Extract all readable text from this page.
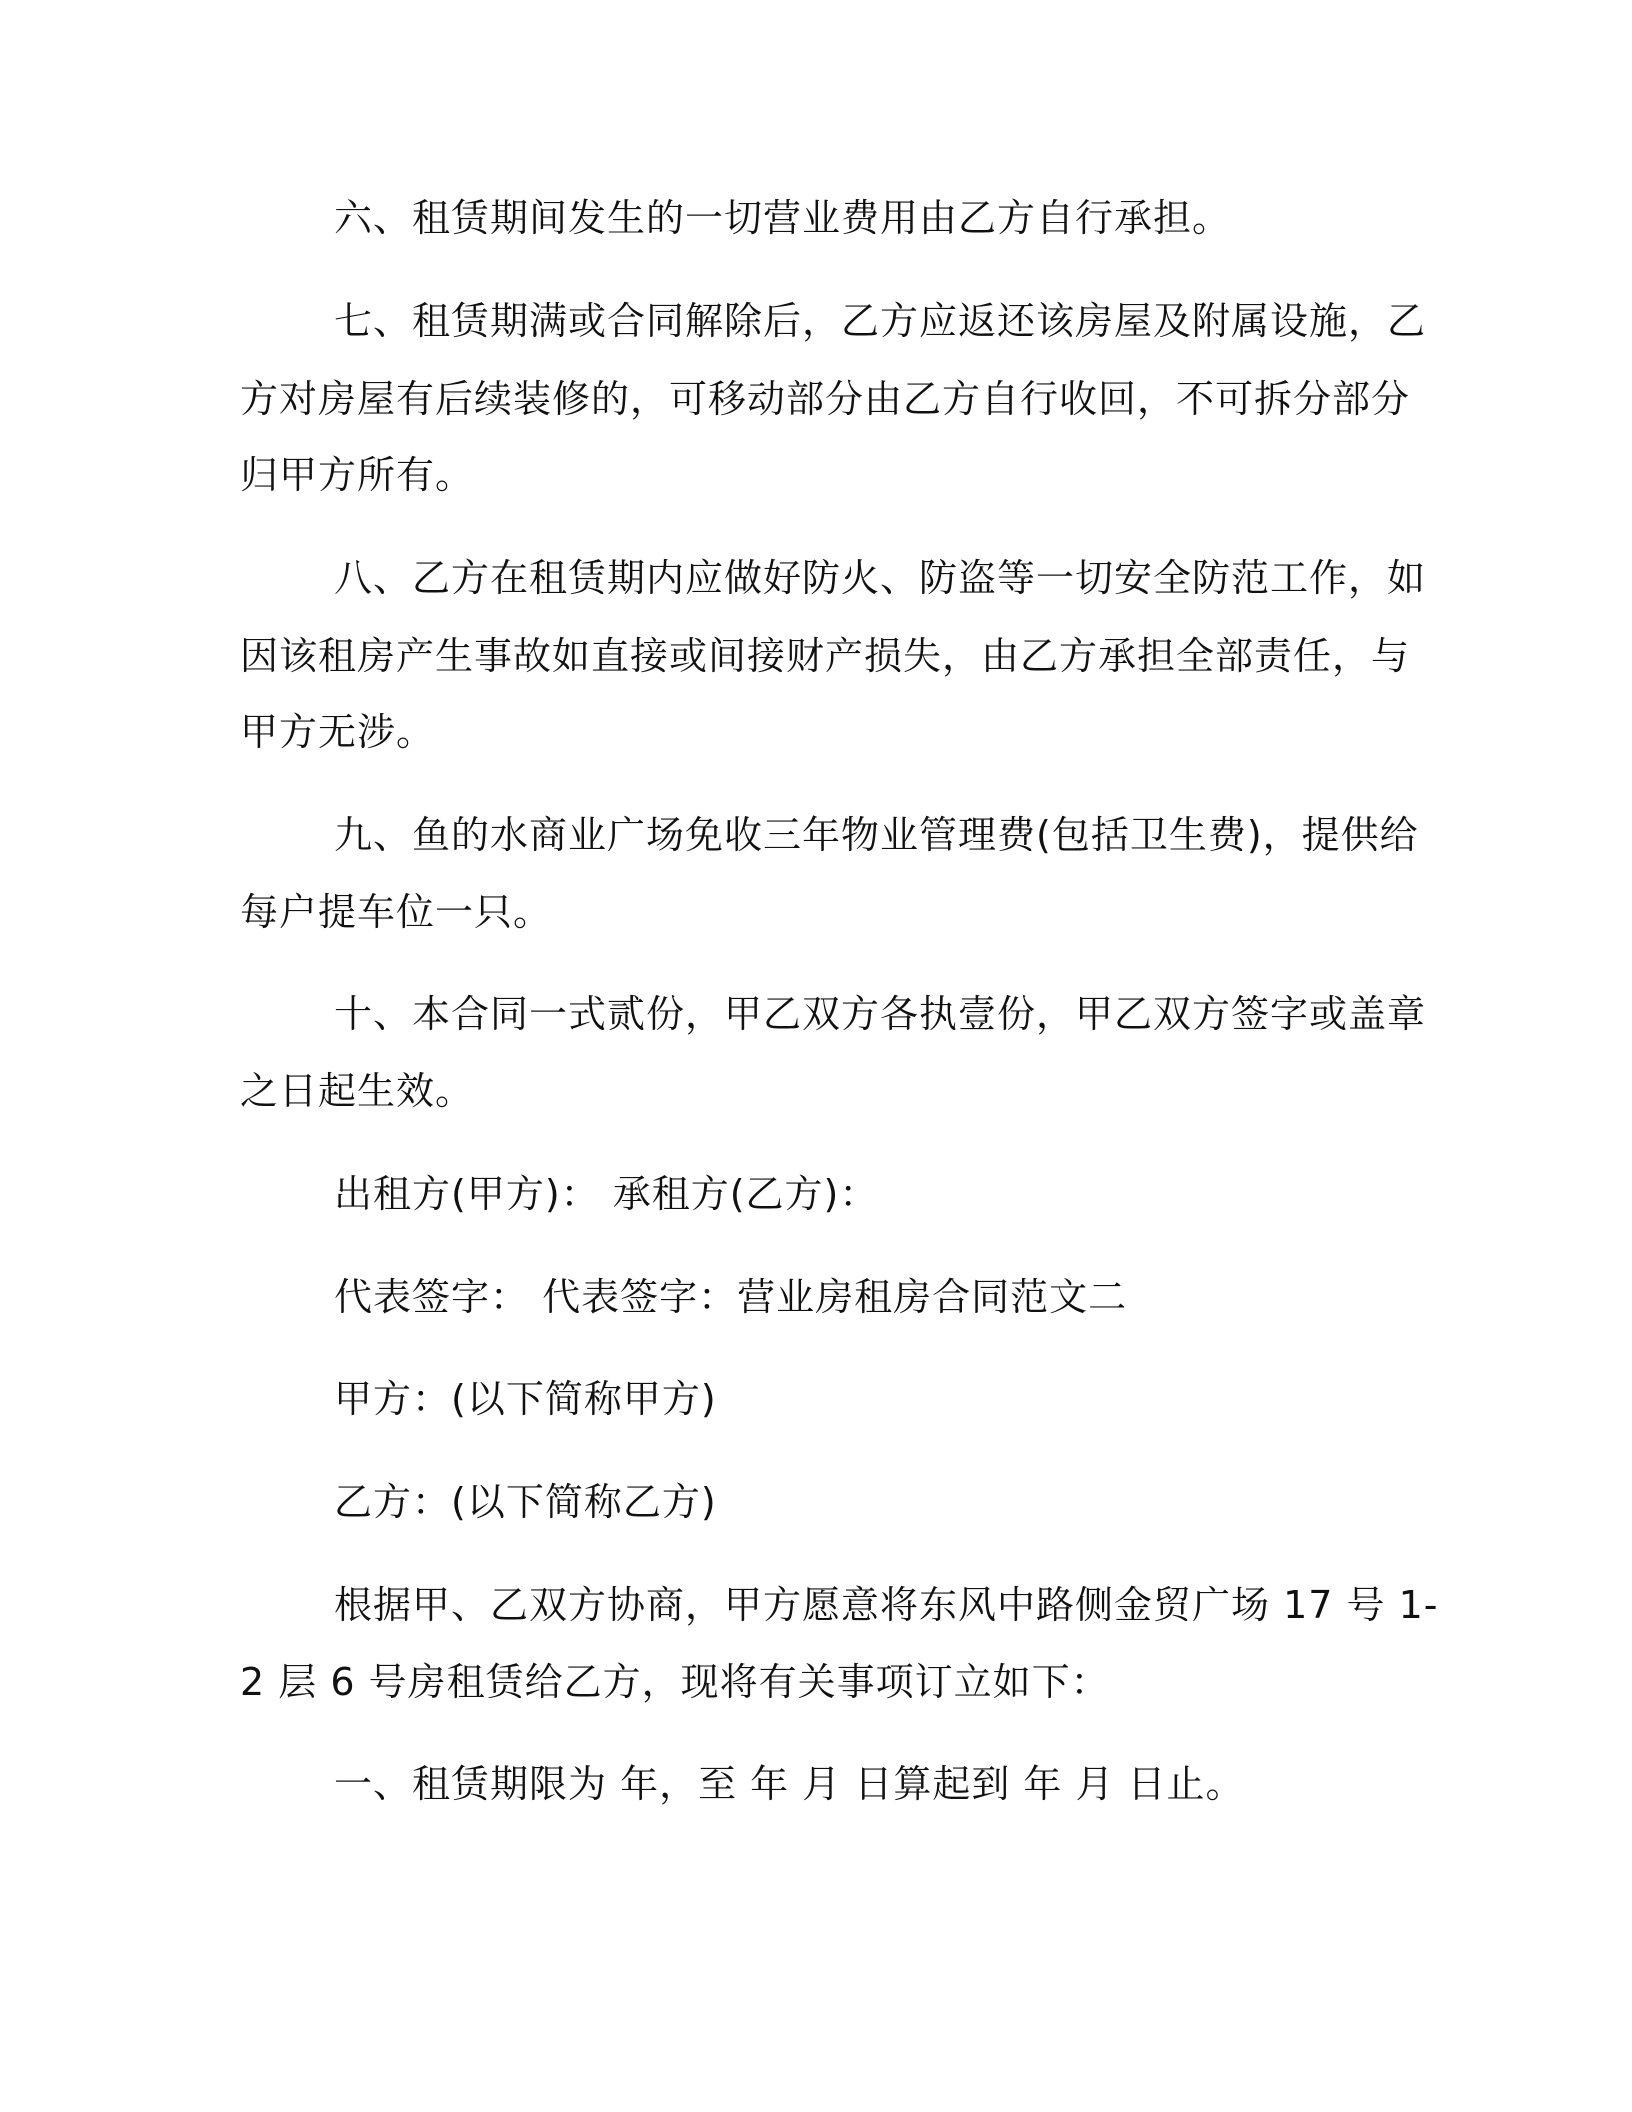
六、租赁期间发生的一切营业费用由乙方自行承担。
七、租赁期满或合同解除后，乙方应返还该房屋及附属设施，乙
方对房屋有后续装修的，可移动部分由乙方自行收回，不可拆分部分
归甲方所有。
八、乙方在租赁期内应做好防火、防盗等一切安全防范工作，如
因该租房产生事故如直接或间接财产损失，由乙方承担全部责任，与
甲方无涉。
九、鱼的水商业广场免收三年物业管理费(包括卫生费)，提供给
每户提车位一只。
十、本合同一式贰份，甲乙双方各执壹份，甲乙双方签字或盖章
之日起生效。
出租方(甲方)： 承租方(乙方)：
代表签字： 代表签字：营业房租房合同范文二
甲方：(以下简称甲方)
乙方：(以下简称乙方)
根据甲、乙双方协商，甲方愿意将东风中路侧金贸广场 17 号 1-
2 层 6 号房租赁给乙方，现将有关事项订立如下：
一、租赁期限为 年，至 年 月 日算起到 年 月 日止。
